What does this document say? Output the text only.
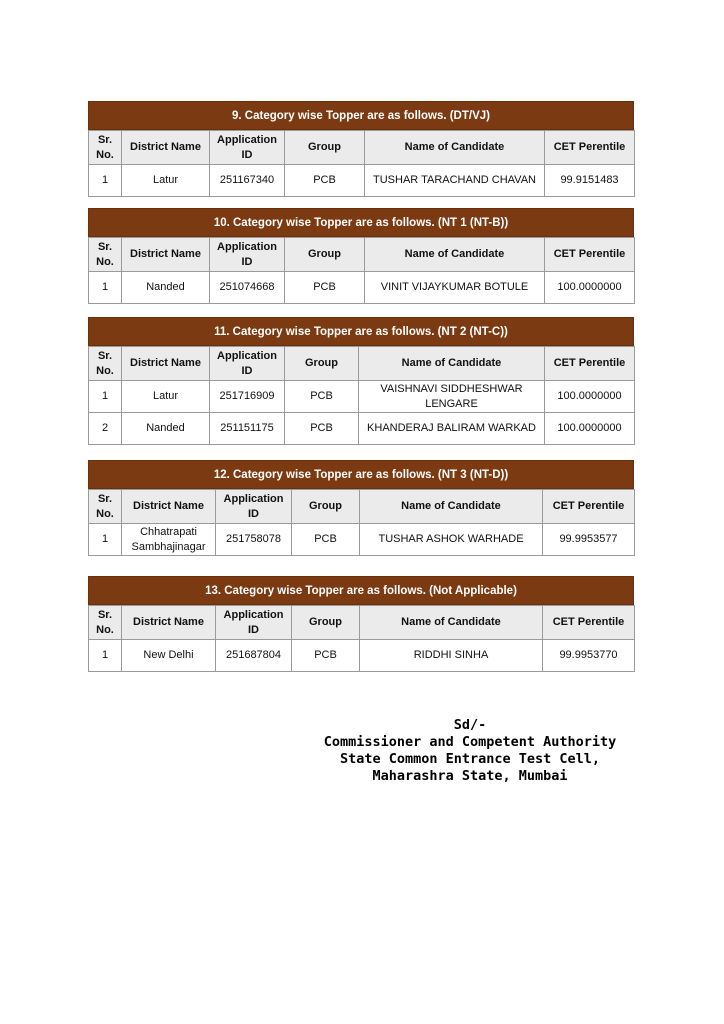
9. Category wise Topper are as follows. (DT/VJ)
Sr. No.	District Name	Application ID	Group	Name of Candidate	CET Perentile
1	Latur	251167340	PCB	TUSHAR TARACHAND CHAVAN	99.9151483
10. Category wise Topper are as follows. (NT 1 (NT-B))
Sr. No.	District Name	Application ID	Group	Name of Candidate	CET Perentile
1	Nanded	251074668	PCB	VINIT VIJAYKUMAR BOTULE	100.0000000
11. Category wise Topper are as follows. (NT 2 (NT-C))
Sr. No.	District Name	Application ID	Group	Name of Candidate	CET Perentile
1	Latur	251716909	PCB	VAISHNAVI SIDDHESHWAR LENGARE	100.0000000
2	Nanded	251151175	PCB	KHANDERAJ BALIRAM WARKAD	100.0000000
12. Category wise Topper are as follows. (NT 3 (NT-D))
Sr. No.	District Name	Application ID	Group	Name of Candidate	CET Perentile
1	Chhatrapati Sambhajinagar	251758078	PCB	TUSHAR ASHOK WARHADE	99.9953577
13. Category wise Topper are as follows. (Not Applicable)
Sr. No.	District Name	Application ID	Group	Name of Candidate	CET Perentile
1	New Delhi	251687804	PCB	RIDDHI SINHA	99.9953770
Sd/-
Commissioner and Competent Authority
State Common Entrance Test Cell,
Maharashra State, Mumbai
